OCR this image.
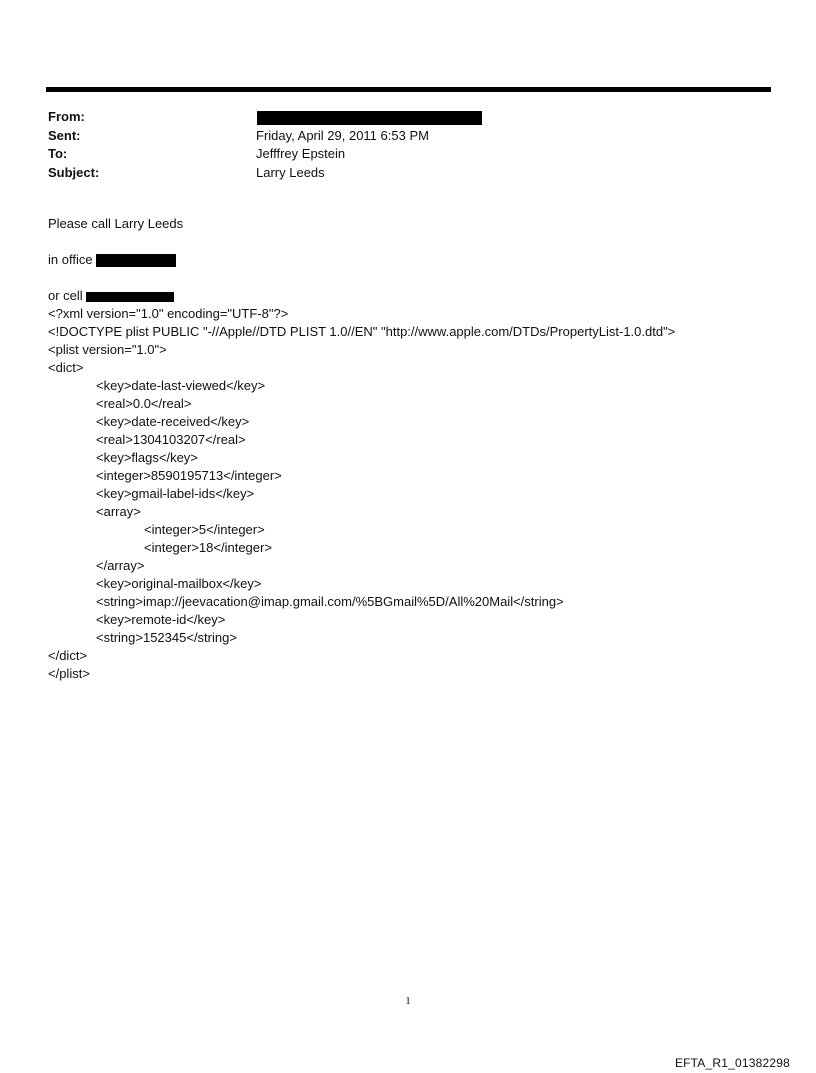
From:
Sent:	Friday, April 29, 2011 6:53 PM
To:	Jefffrey Epstein
Subject:	Larry Leeds

Please call Larry Leeds

in office

or cell

<?xml version="1.0" encoding="UTF-8"?>
<!DOCTYPE plist PUBLIC "-//Apple//DTD PLIST 1.0//EN" "http://www.apple.com/DTDs/PropertyList-1.0.dtd">
<plist version="1.0">
<dict>
<key>date-last-viewed</key>
<real>0.0</real>
<key>date-received</key>
<real>1304103207</real>
<key>flags</key>
<integer>8590195713</integer>
<key>gmail-label-ids</key>
<array>
<integer>5</integer>
<integer>18</integer>
</array>
<key>original-mailbox</key>
<string>imap://jeevacation@imap.gmail.com/%5BGmail%5D/All%20Mail</string>
<key>remote-id</key>
<string>152345</string>
</dict>
</plist>
1
EFTA_R1_01382298
